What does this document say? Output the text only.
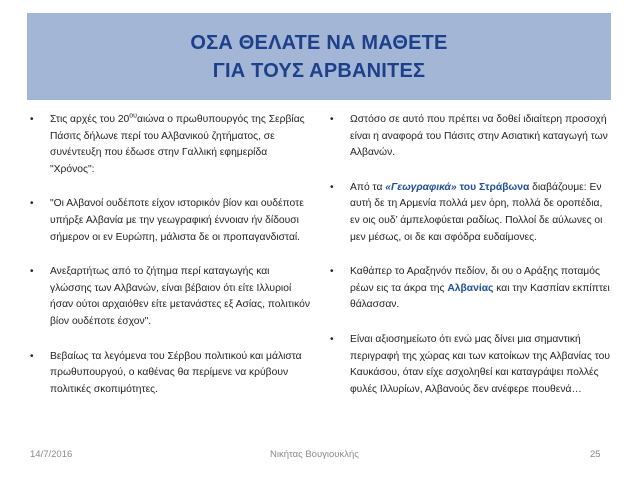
ΟΣΑ ΘΕΛΑΤΕ ΝΑ ΜΑΘΕΤΕ
ΓΙΑ ΤΟΥΣ ΑΡΒΑΝΙΤΕΣ
•	Στις αρχές του $20^{o\upsilon}\alpha\iota ώ\nu\alpha$ ο πρωθυπουργός της Σερβίας Πάσιτς δήλωνε περί του Αλβανικού ζητήματος, σε συνέντευξη που έδωσε στην Γαλλική εφημερίδα "Χρόνος":
•	"Οι Αλβανοί ουδέποτε είχον ιστορικόν βίον και ουδέποτε υπήρξε Αλβανία με την γεωγραφική έννοιαν ήν δίδουσι σήμερον οι εν Ευρώπη, μάλιστα δε οι προπαγανδισταί.
•	Ανεξαρτήτως από το ζήτημα περί καταγωγής και γλώσσης των Αλβανών, είναι βέβαιον ότι είτε Ιλλυριοί ήσαν ούτοι αρχαιόθεν είτε μετανάστες εξ Ασίας, πολιτικόν βίον ουδέποτε έσχον".
•	Βεβαίως τα λεγόμενα του Σέρβου πολιτικού και μάλιστα πρωθυπουργού, ο καθένας θα περίμενε να κρύβουν πολιτικές σκοπιμότητες.
•	Ωστόσο σε αυτό που πρέπει να δοθεί ιδιαίτερη προσοχή είναι η αναφορά του Πάσιτς στην Ασιατική καταγωγή των Αλβανών.
•	Από τα «Γεωγραφικά» του Στράβωνα διαβάζουμε: Εν αυτή δε τη Αρμενία πολλά μεν όρη, πολλά δε οροπέδια, εν οις ουδ’ άμπελοφύεται ραδίως. Πολλοί δε αύλωνες οι μεν μέσως, οι δε και σφόδρα ευδαίμονες.
•	Καθάπερ το Αραξηνόν πεδίον, δι ου ο Αράξης ποταμός ρέων εις τα άκρα της Αλβανίας και την Κασπίαν εκπίπτει θάλασσαν.
•	Είναι αξιοσημείωτο ότι ενώ μας δίνει μια σημαντική περιγραφή της χώρας και των κατοίκων της Αλβανίας του Καυκάσου, όταν είχε ασχοληθεί και καταγράψει πολλές φυλές Ιλλυρίων, Αλβανούς δεν ανέφερε πουθενά…
14/7/2016	Νικήτας Βουγιουκλής	25
